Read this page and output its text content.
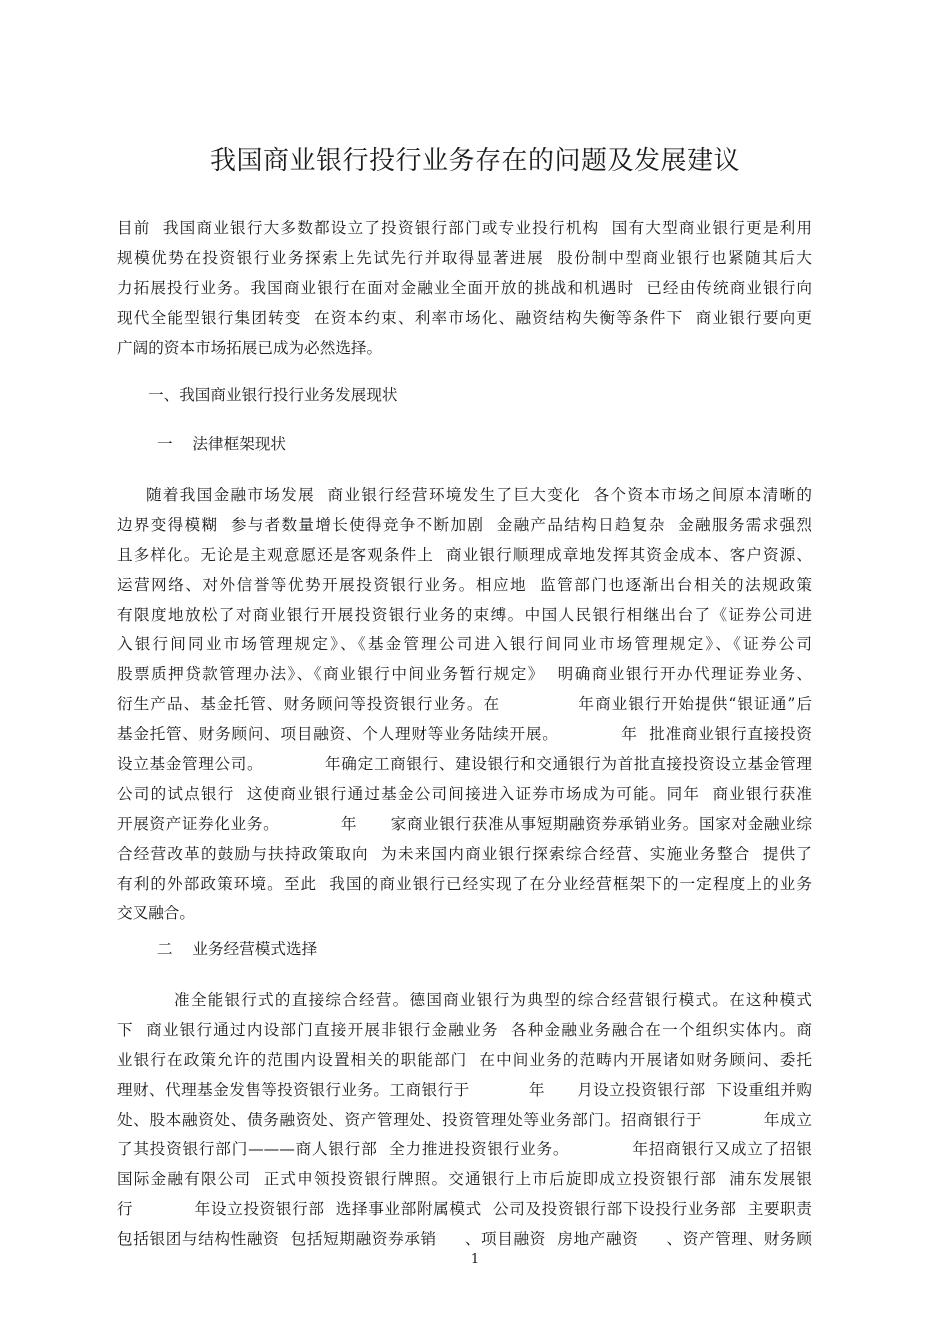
我国商业银行投行业务存在的问题及发展建议
目前  我国商业银行大多数都设立了投资银行部门或专业投行机构  国有大型商业银行更是利用
规模优势在投资银行业务探索上先试先行并取得显著进展  股份制中型商业银行也紧随其后大
力拓展投行业务。我国商业银行在面对金融业全面开放的挑战和机遇时  已经由传统商业银行向
现代全能型银行集团转变  在资本约束、利率市场化、融资结构失衡等条件下  商业银行要向更
广阔的资本市场拓展已成为必然选择。

一、我国商业银行投行业务发展现状

一    法律框架现状

随着我国金融市场发展  商业银行经营环境发生了巨大变化  各个资本市场之间原本清晰的
边界变得模糊  参与者数量增长使得竞争不断加剧  金融产品结构日趋复杂  金融服务需求强烈
且多样化。无论是主观意愿还是客观条件上  商业银行顺理成章地发挥其资金成本、客户资源、
运营网络、对外信誉等优势开展投资银行业务。相应地  监管部门也逐渐出台相关的法规政策
有限度地放松了对商业银行开展投资银行业务的束缚。中国人民银行相继出台了《证券公司进
入银行间同业市场管理规定》、《基金管理公司进入银行间同业市场管理规定》、《证券公司
股票质押贷款管理办法》、《商业银行中间业务暂行规定》  明确商业银行开办代理证券业务、
衍生产品、基金托管、财务顾问等投资银行业务。在             年商业银行开始提供“银证通”后
基金托管、财务顾问、项目融资、个人理财等业务陆续开展。           年  批准商业银行直接投资
设立基金管理公司。           年确定工商银行、建设银行和交通银行为首批直接投资设立基金管理
公司的试点银行  这使商业银行通过基金公司间接进入证券市场成为可能。同年  商业银行获准
开展资产证券化业务。           年      家商业银行获准从事短期融资券承销业务。国家对金融业综
合经营改革的鼓励与扶持政策取向  为未来国内商业银行探索综合经营、实施业务整合  提供了
有利的外部政策环境。至此  我国的商业银行已经实现了在分业经营框架下的一定程度上的业务
交叉融合。

二    业务经营模式选择

准全能银行式的直接综合经营。德国商业银行为典型的综合经营银行模式。在这种模式
下  商业银行通过内设部门直接开展非银行金融业务  各种金融业务融合在一个组织实体内。商
业银行在政策允许的范围内设置相关的职能部门  在中间业务的范畴内开展诸如财务顾问、委托
理财、代理基金发售等投资银行业务。工商银行于           年      月设立投资银行部  下设重组并购
处、股本融资处、债务融资处、资产管理处、投资管理处等业务部门。招商银行于           年成立
了其投资银行部门———商人银行部  全力推进投资银行业务。           年招商银行又成立了招银
国际金融有限公司  正式申领投资银行牌照。交通银行上市后旋即成立投资银行部  浦东发展银
行           年设立投资银行部  选择事业部附属模式  公司及投资银行部下设投行业务部  主要职责
包括银团与结构性融资  包括短期融资券承销     、项目融资  房地产融资     、资产管理、财务顾
1
